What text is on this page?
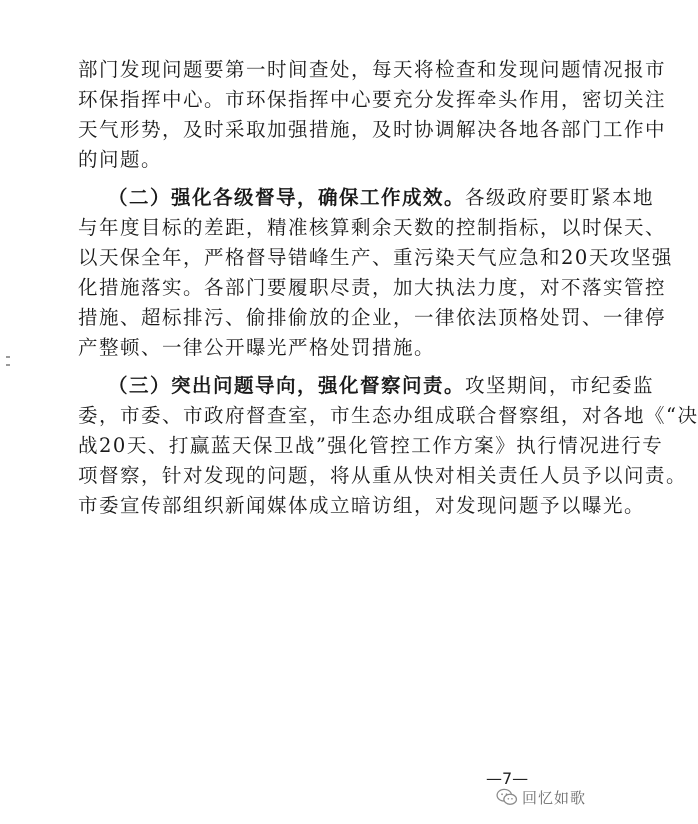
部门发现问题要第一时间查处，每天将检查和发现问题情况报市
环保指挥中心。市环保指挥中心要充分发挥牵头作用，密切关注
天气形势，及时采取加强措施，及时协调解决各地各部门工作中
的问题。
（二）强化各级督导，确保工作成效。各级政府要盯紧本地
与年度目标的差距，精准核算剩余天数的控制指标，以时保天、
以天保全年，严格督导错峰生产、重污染天气应急和20天攻坚强
化措施落实。各部门要履职尽责，加大执法力度，对不落实管控
措施、超标排污、偷排偷放的企业，一律依法顶格处罚、一律停
产整顿、一律公开曝光严格处罚措施。
（三）突出问题导向，强化督察问责。攻坚期间，市纪委监
委，市委、市政府督查室，市生态办组成联合督察组，对各地《“决
战20天、打赢蓝天保卫战”强化管控工作方案》执行情况进行专
项督察，针对发现的问题，将从重从快对相关责任人员予以问责。
市委宣传部组织新闻媒体成立暗访组，对发现问题予以曝光。
—7—
回忆如歌
